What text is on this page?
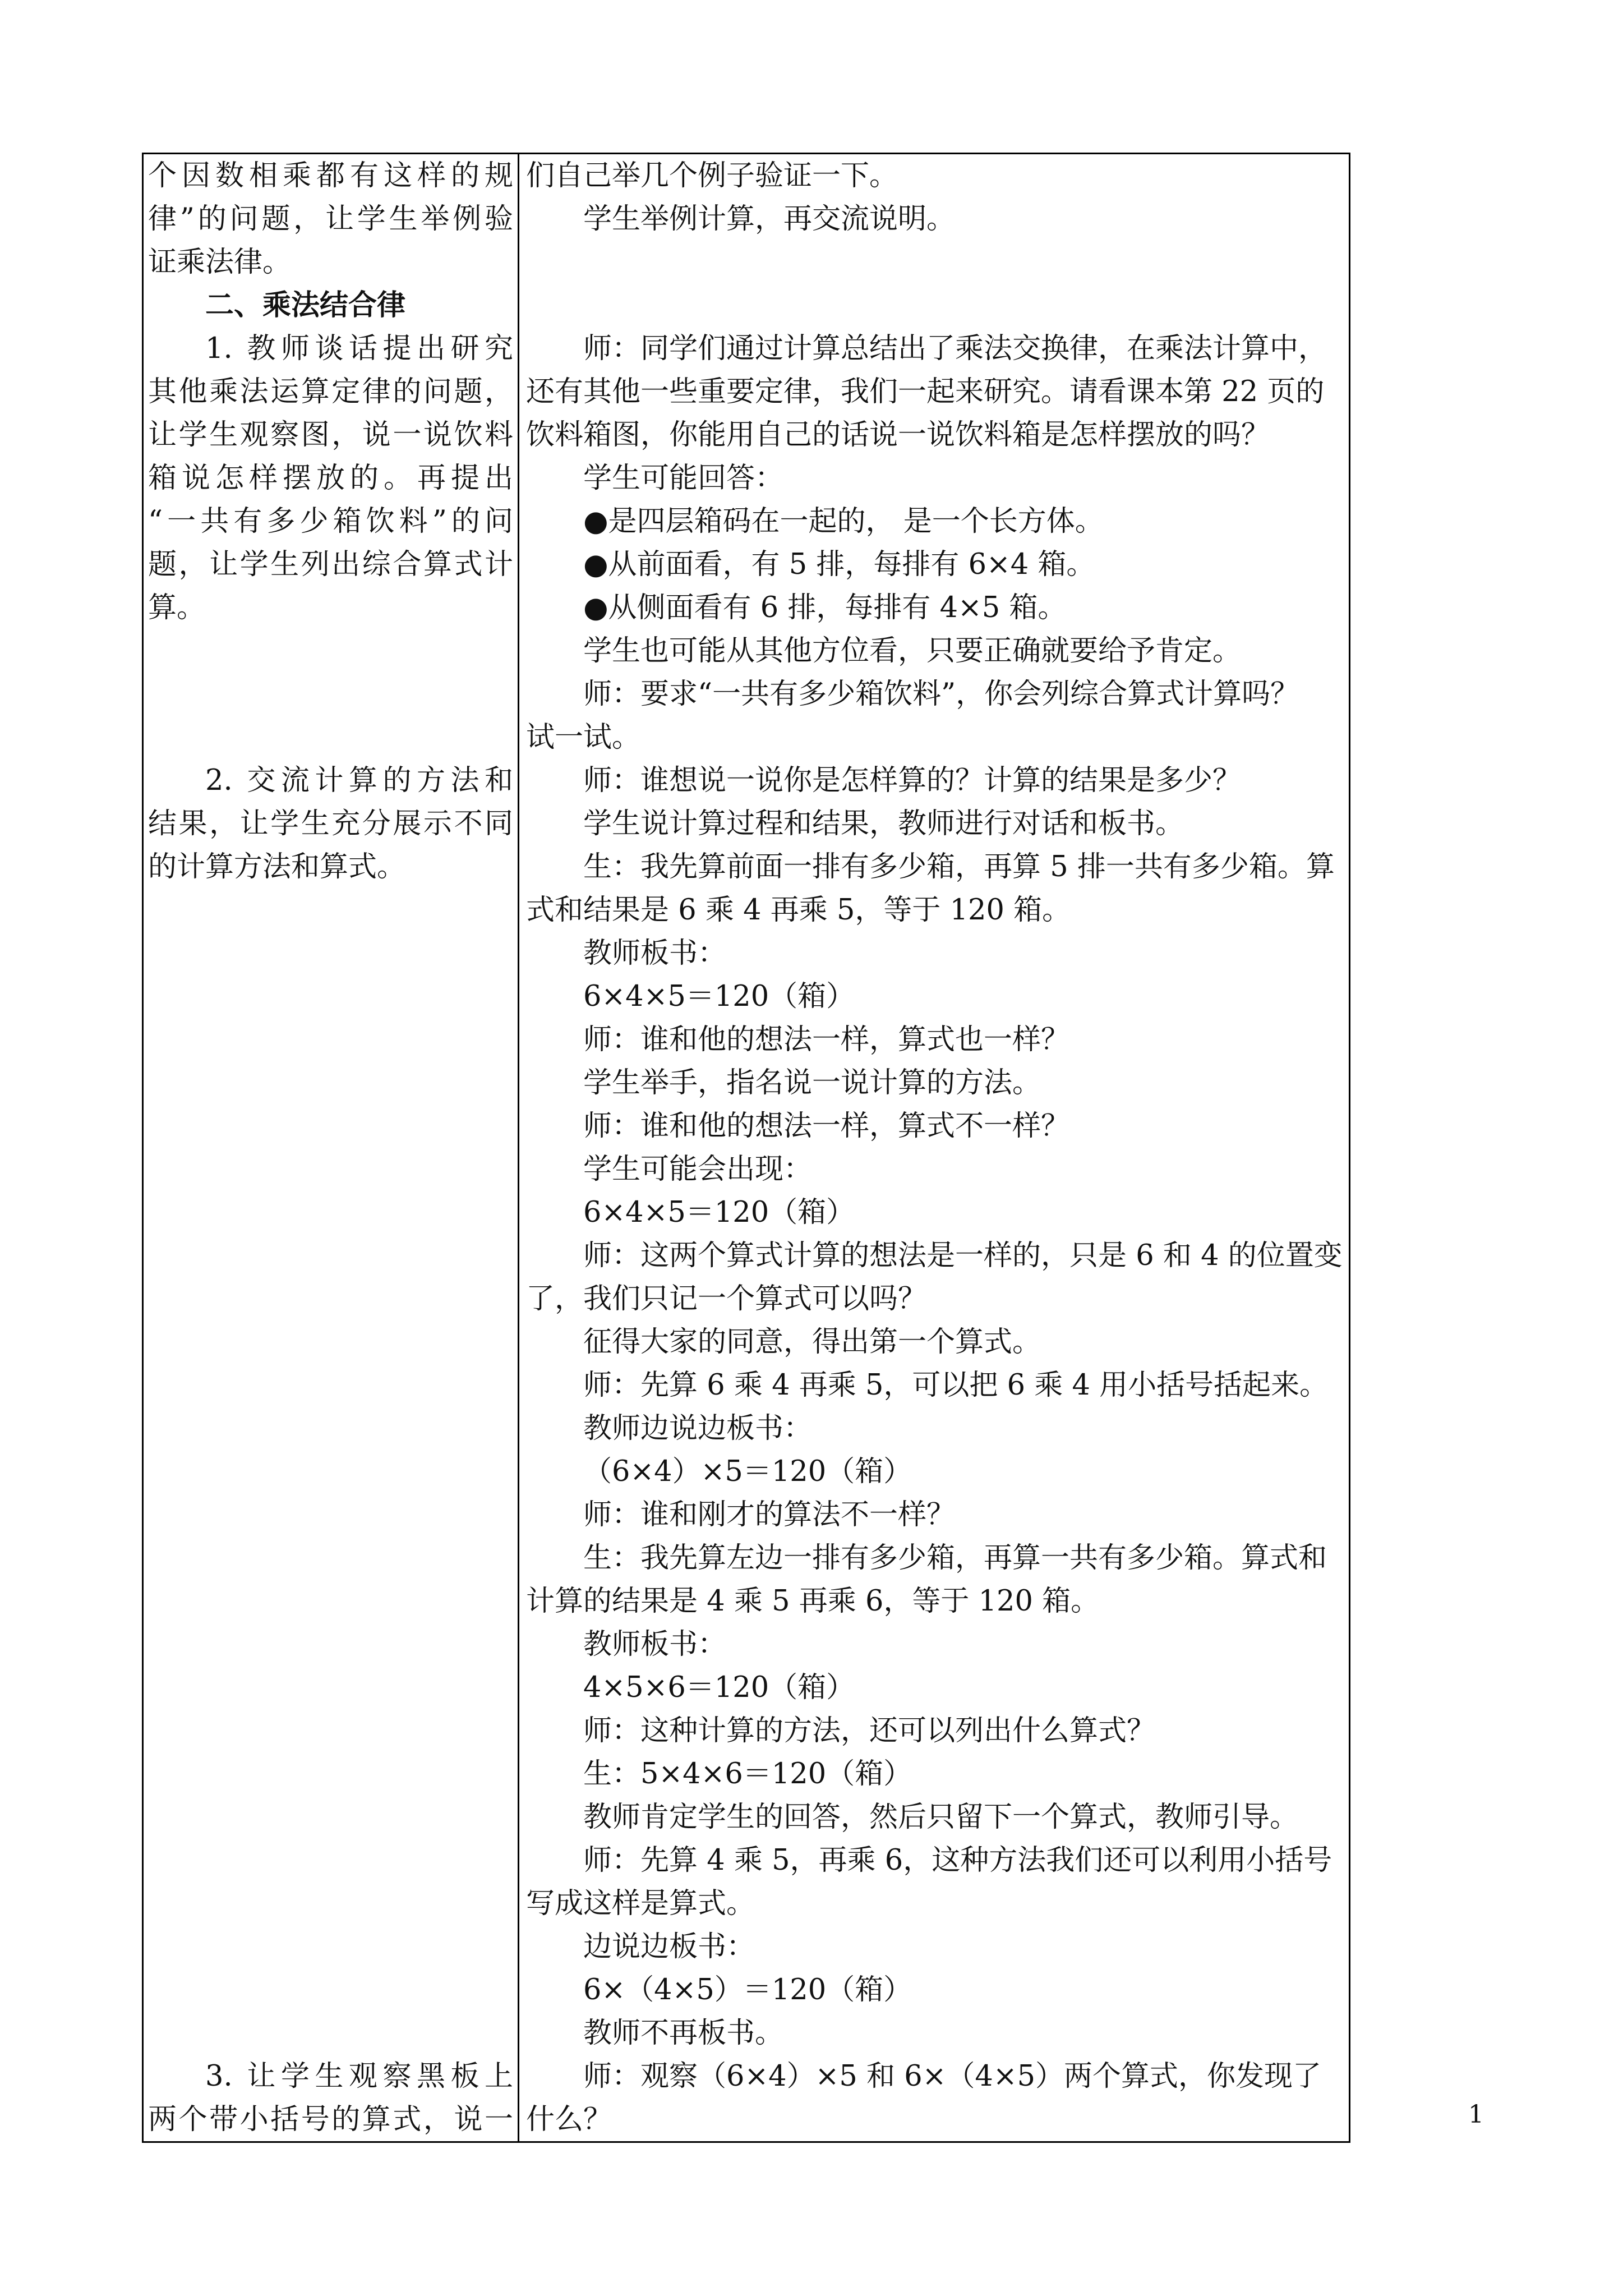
个因数相乘都有这样的规
律”的问题，让学生举例验
证乘法律。
二、乘法结合律
1. 教师谈话提出研究
其他乘法运算定律的问题，
让学生观察图，说一说饮料
箱说怎样摆放的。再提出
“一共有多少箱饮料”的问
题，让学生列出综合算式计
算。
2. 交流计算的方法和
结果，让学生充分展示不同
的计算方法和算式。
3. 让学生观察黑板上
两个带小括号的算式，说一

们自己举几个例子验证一下。
学生举例计算，再交流说明。
师：同学们通过计算总结出了乘法交换律，在乘法计算中，
还有其他一些重要定律，我们一起来研究。请看课本第 22 页的
饮料箱图，你能用自己的话说一说饮料箱是怎样摆放的吗？
学生可能回答：
●是四层箱码在一起的， 是一个长方体。
●从前面看，有 5 排，每排有 6×4 箱。
●从侧面看有 6 排，每排有 4×5 箱。
学生也可能从其他方位看，只要正确就要给予肯定。
师：要求“一共有多少箱饮料”，你会列综合算式计算吗？
试一试。
师：谁想说一说你是怎样算的？计算的结果是多少？
学生说计算过程和结果，教师进行对话和板书。
生：我先算前面一排有多少箱，再算 5 排一共有多少箱。算
式和结果是 6 乘 4 再乘 5，等于 120 箱。
教师板书：
6×4×5＝120（箱）
师：谁和他的想法一样，算式也一样？
学生举手，指名说一说计算的方法。
师：谁和他的想法一样，算式不一样？
学生可能会出现：
6×4×5＝120（箱）
师：这两个算式计算的想法是一样的，只是 6 和 4 的位置变
了，我们只记一个算式可以吗？
征得大家的同意，得出第一个算式。
师：先算 6 乘 4 再乘 5，可以把 6 乘 4 用小括号括起来。
教师边说边板书：
（6×4）×5＝120（箱）
师：谁和刚才的算法不一样？
生：我先算左边一排有多少箱，再算一共有多少箱。算式和
计算的结果是 4 乘 5 再乘 6，等于 120 箱。
教师板书：
4×5×6＝120（箱）
师：这种计算的方法，还可以列出什么算式？
生：5×4×6＝120（箱）
教师肯定学生的回答，然后只留下一个算式，教师引导。
师：先算 4 乘 5，再乘 6，这种方法我们还可以利用小括号
写成这样是算式。
边说边板书：
6×（4×5）＝120（箱）
教师不再板书。
师：观察（6×4）×5 和 6×（4×5）两个算式，你发现了
什么？	1
